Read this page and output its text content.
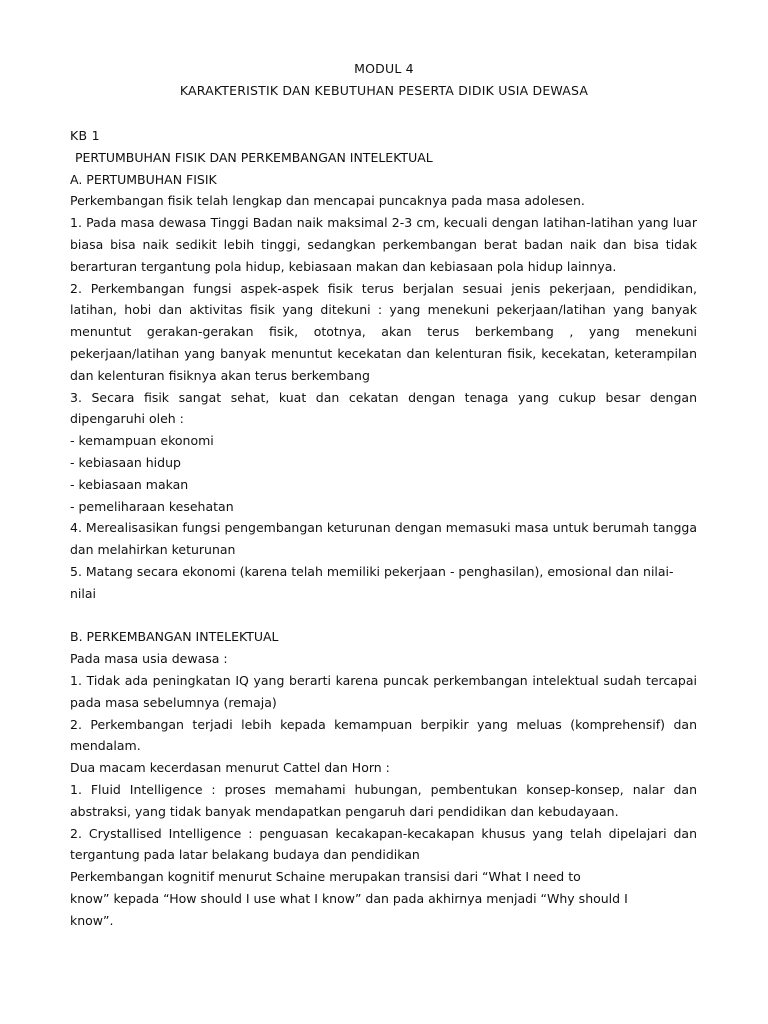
MODUL 4
KARAKTERISTIK DAN KEBUTUHAN PESERTA DIDIK USIA DEWASA

KB 1

PERTUMBUHAN FISIK DAN PERKEMBANGAN INTELEKTUAL

A. PERTUMBUHAN FISIK

Perkembangan fisik telah lengkap dan mencapai puncaknya pada masa adolesen.

1. Pada masa dewasa Tinggi Badan naik maksimal 2-3 cm, kecuali dengan latihan-latihan yang luar biasa bisa naik sedikit lebih tinggi, sedangkan perkembangan berat badan naik dan bisa tidak berarturan tergantung pola hidup, kebiasaan makan dan kebiasaan pola hidup lainnya.

2. Perkembangan fungsi aspek-aspek fisik terus berjalan sesuai jenis pekerjaan, pendidikan, latihan, hobi dan aktivitas fisik yang ditekuni : yang menekuni pekerjaan/latihan yang banyak menuntut gerakan-gerakan fisik, ototnya, akan terus berkembang , yang menekuni pekerjaan/latihan yang banyak menuntut kecekatan dan kelenturan fisik, kecekatan, keterampilan dan kelenturan fisiknya akan terus berkembang

3. Secara fisik sangat sehat, kuat dan cekatan dengan tenaga yang cukup besar dengan dipengaruhi oleh :

- kemampuan ekonomi

- kebiasaan hidup

- kebiasaan makan

- pemeliharaan kesehatan

4. Merealisasikan fungsi pengembangan keturunan dengan memasuki masa untuk berumah tangga dan melahirkan keturunan

5. Matang secara ekonomi (karena telah memiliki pekerjaan - penghasilan), emosional dan nilai-nilai

B. PERKEMBANGAN INTELEKTUAL

Pada masa usia dewasa :

1. Tidak ada peningkatan IQ yang berarti karena puncak perkembangan intelektual sudah tercapai pada masa sebelumnya (remaja)

2. Perkembangan terjadi lebih kepada kemampuan berpikir yang meluas (komprehensif) dan mendalam.

Dua macam kecerdasan menurut Cattel dan Horn :

1. Fluid Intelligence : proses memahami hubungan, pembentukan konsep-konsep, nalar dan abstraksi, yang tidak banyak mendapatkan pengaruh dari pendidikan dan kebudayaan.

2. Crystallised Intelligence : penguasan kecakapan-kecakapan khusus yang telah dipelajari dan tergantung pada latar belakang budaya dan pendidikan

Perkembangan kognitif menurut Schaine merupakan transisi dari “What I need to

know” kepada “How should I use what I know” dan pada akhirnya menjadi “Why should I

know”.
